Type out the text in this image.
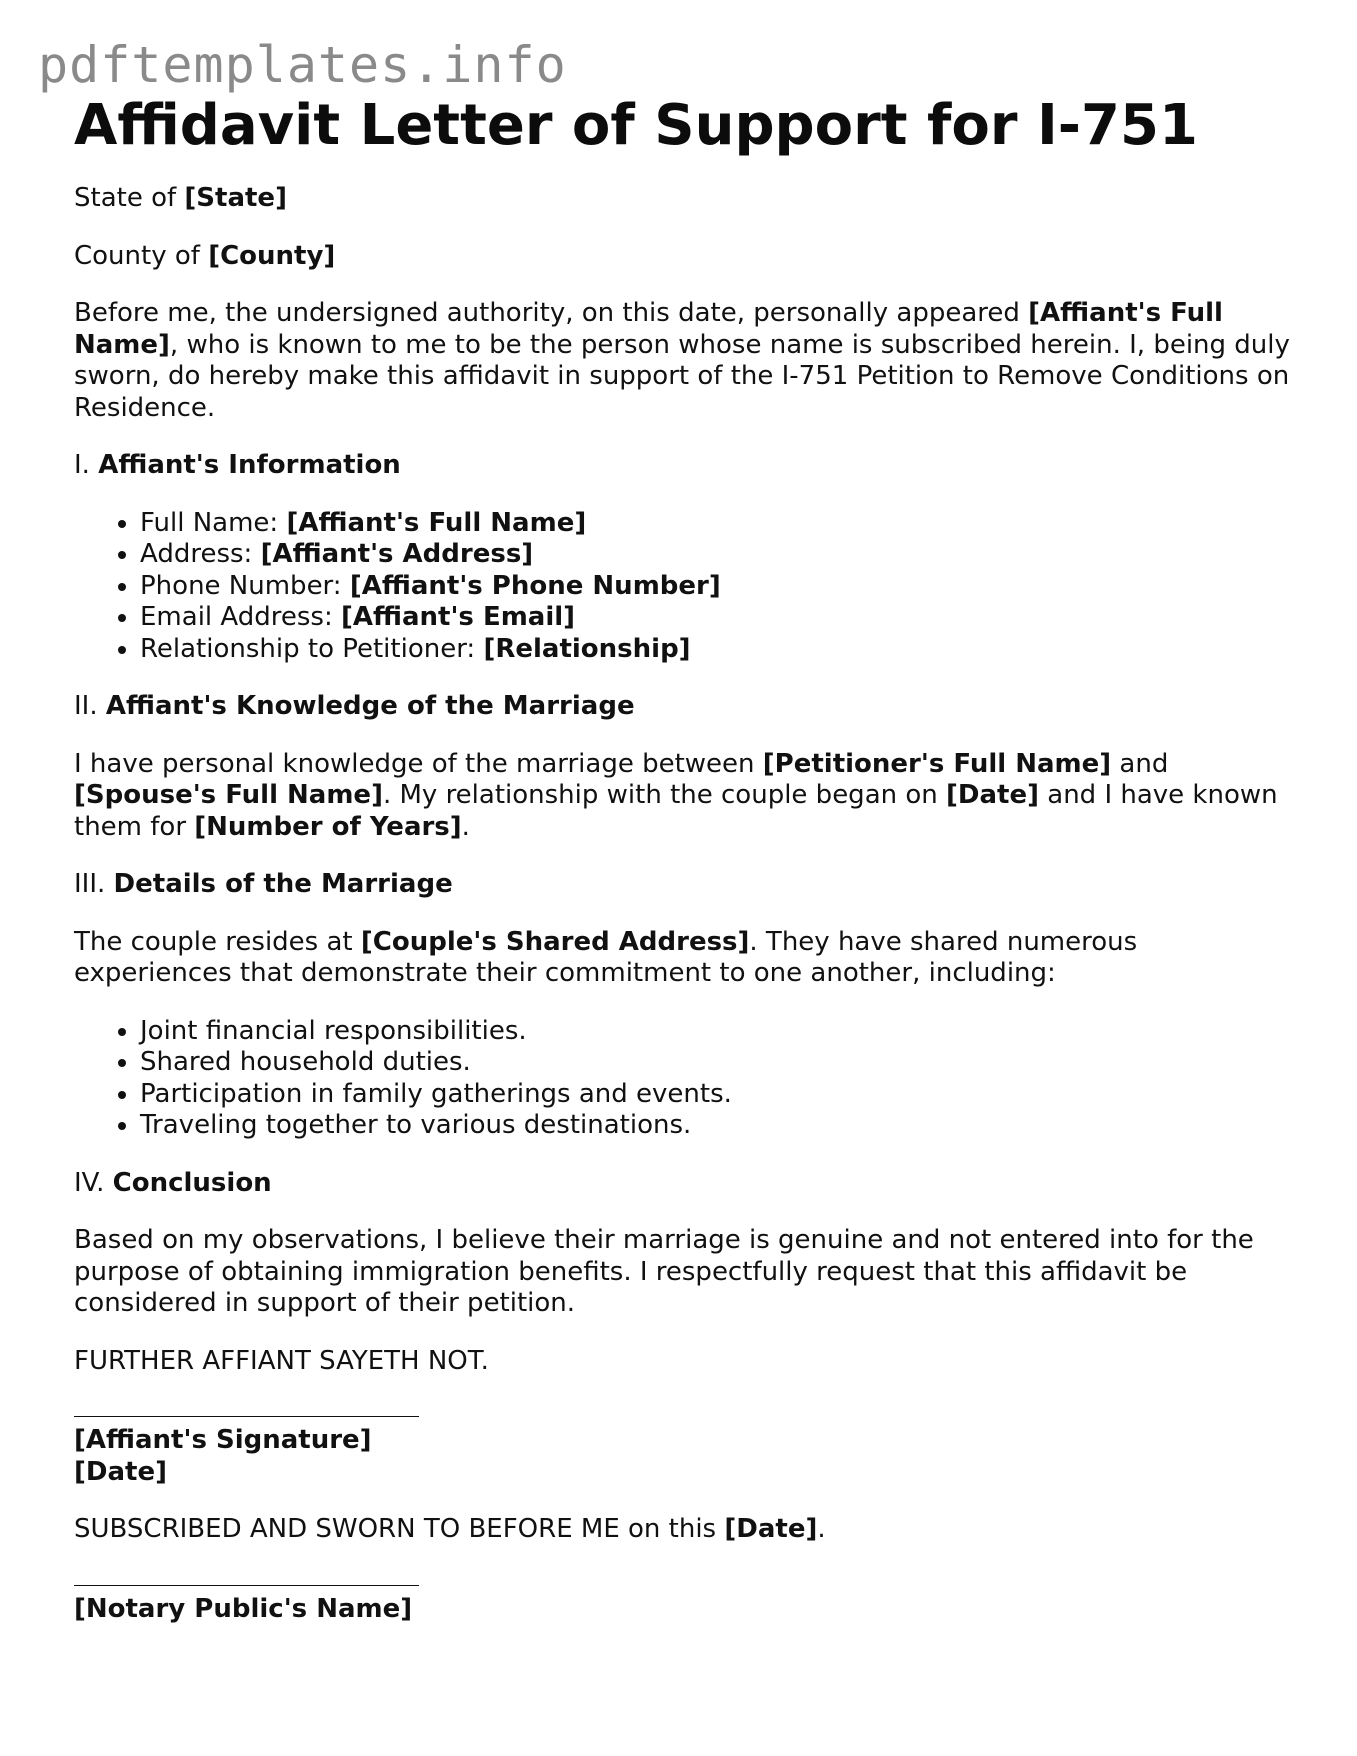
pdftemplates.info
Affidavit Letter of Support for I-751

State of [State]

County of [County]

Before me, the undersigned authority, on this date, personally appeared [Affiant's Full Name], who is known to me to be the person whose name is subscribed herein. I, being duly sworn, do hereby make this affidavit in support of the I-751 Petition to Remove Conditions on Residence.

I. Affiant's Information

• Full Name: [Affiant's Full Name]
• Address: [Affiant's Address]
• Phone Number: [Affiant's Phone Number]
• Email Address: [Affiant's Email]
• Relationship to Petitioner: [Relationship]

II. Affiant's Knowledge of the Marriage

I have personal knowledge of the marriage between [Petitioner's Full Name] and [Spouse's Full Name]. My relationship with the couple began on [Date] and I have known them for [Number of Years].

III. Details of the Marriage

The couple resides at [Couple's Shared Address]. They have shared numerous experiences that demonstrate their commitment to one another, including:

• Joint financial responsibilities.
• Shared household duties.
• Participation in family gatherings and events.
• Traveling together to various destinations.

IV. Conclusion

Based on my observations, I believe their marriage is genuine and not entered into for the purpose of obtaining immigration benefits. I respectfully request that this affidavit be considered in support of their petition.

FURTHER AFFIANT SAYETH NOT.

[Affiant's Signature]
[Date]

SUBSCRIBED AND SWORN TO BEFORE ME on this [Date].

[Notary Public's Name]
